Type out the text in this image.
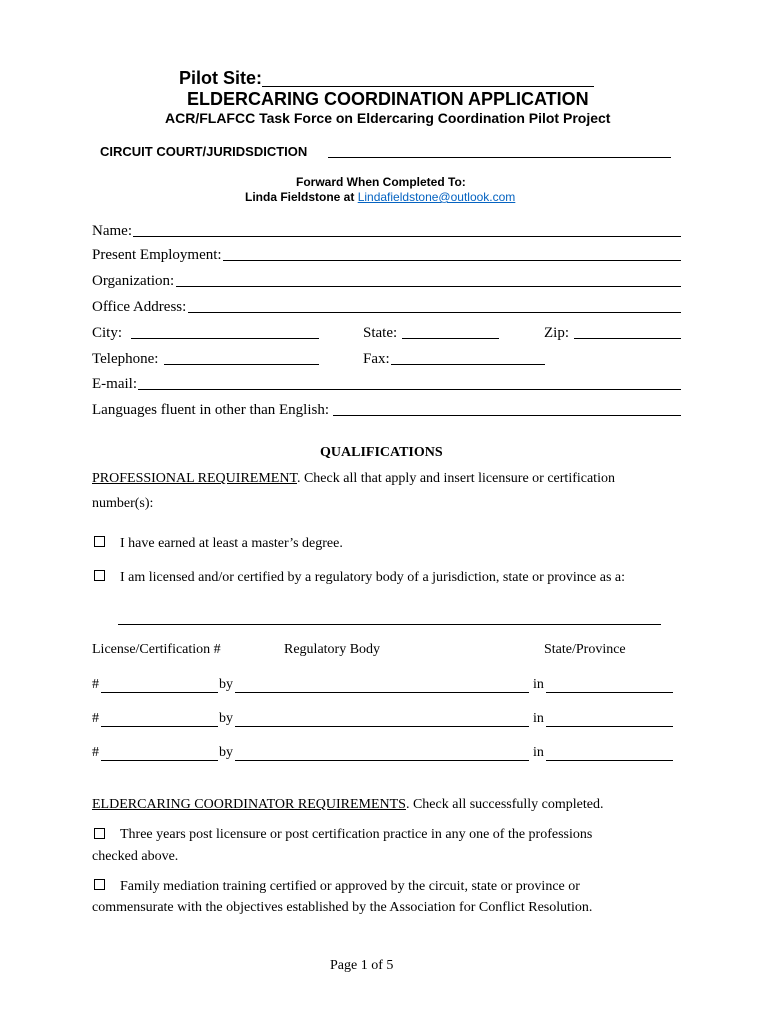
Pilot Site:
ELDERCARING COORDINATION APPLICATION
ACR/FLAFCC Task Force on Eldercaring Coordination Pilot Project
CIRCUIT COURT/JURIDSDICTION
Forward When Completed To:
Linda Fieldstone at Lindafieldstone@outlook.com
Name:
Present Employment:
Organization:
Office Address:
City:	State:	Zip:
Telephone:	Fax:
E-mail:
Languages fluent in other than English:
QUALIFICATIONS
PROFESSIONAL REQUIREMENT. Check all that apply and insert licensure or certification
number(s):
I have earned at least a master’s degree.
I am licensed and/or certified by a regulatory body of a jurisdiction, state or province as a:
License/Certification #	Regulatory Body	State/Province
#	by	in
#	by	in
#	by	in
ELDERCARING COORDINATOR REQUIREMENTS. Check all successfully completed.
Three years post licensure or post certification practice in any one of the professions
checked above.
Family mediation training certified or approved by the circuit, state or province or
commensurate with the objectives established by the Association for Conflict Resolution.
Page 1 of 5
